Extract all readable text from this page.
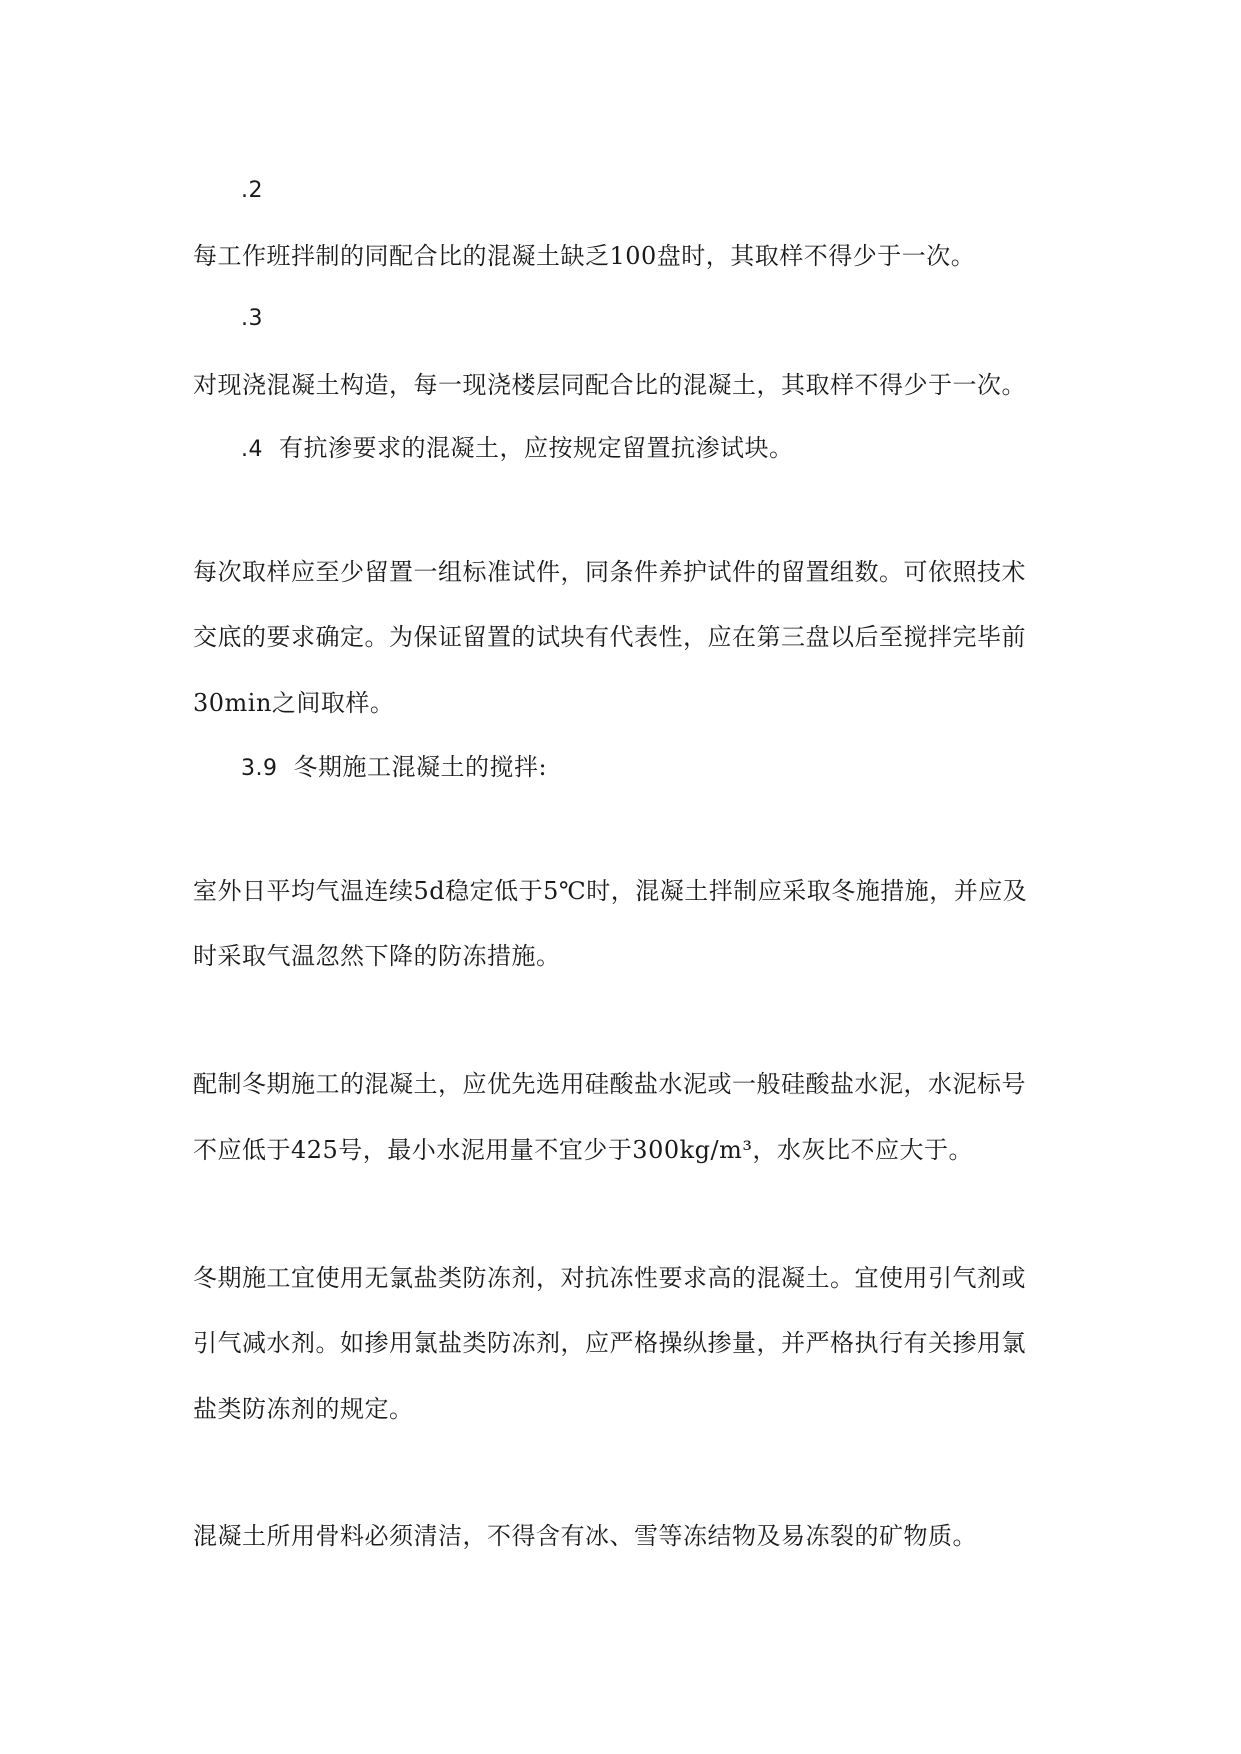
.2
每工作班拌制的同配合比的混凝土缺乏100盘时，其取样不得少于一次。
.3
对现浇混凝土构造，每一现浇楼层同配合比的混凝土，其取样不得少于一次。
.4 有抗渗要求的混凝土，应按规定留置抗渗试块。
每次取样应至少留置一组标准试件，同条件养护试件的留置组数。可依照技术
交底的要求确定。为保证留置的试块有代表性，应在第三盘以后至搅拌完毕前
30min之间取样。
3.9 冬期施工混凝土的搅拌:
室外日平均气温连续5d稳定低于5℃时，混凝土拌制应采取冬施措施，并应及
时采取气温忽然下降的防冻措施。
配制冬期施工的混凝土，应优先选用硅酸盐水泥或一般硅酸盐水泥，水泥标号
不应低于425号，最小水泥用量不宜少于300kg/m³，水灰比不应大于。
冬期施工宜使用无氯盐类防冻剂，对抗冻性要求高的混凝土。宜使用引气剂或
引气减水剂。如掺用氯盐类防冻剂，应严格操纵掺量，并严格执行有关掺用氯
盐类防冻剂的规定。
混凝土所用骨料必须清洁，不得含有冰、雪等冻结物及易冻裂的矿物质。
